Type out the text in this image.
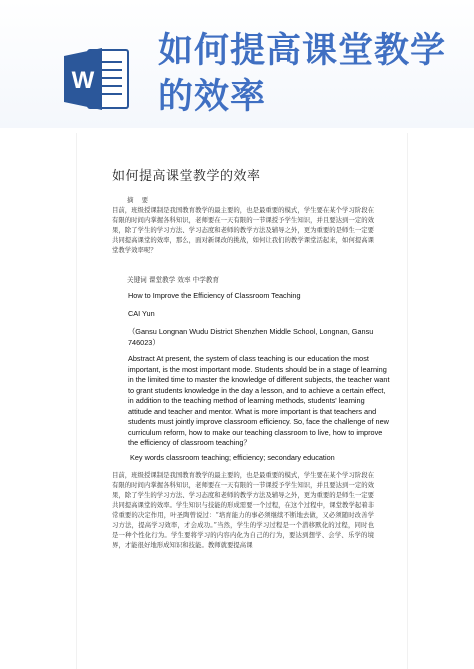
W
如何提高课堂教学的效率
如何提高课堂教学的效率
摘 要
目前，班级授课制是我国教育教学的最主要的，也是最重要的模式，学生要在某个学习阶段在有限的时间内掌握各科知识，老师要在一天有限的一节课授予学生知识，并且要达到一定的效果，除了学生的学习方法、学习态度和老师的教学方法及辅导之外，更为重要的是师生一定要共同提高课堂的效率，那么，面对新课改的挑战，如何让我们的教学课堂活起来，如何提高课堂教学效率呢？
关键词 课堂教学 效率 中学教育
How to Improve the Efficiency of Classroom Teaching
CAI Yun
（Gansu Longnan Wudu District Shenzhen Middle School, Longnan, Gansu 746023）
Abstract At present, the system of class teaching is our education the most important, is the most important mode. Students should be in a stage of learning in the limited time to master the knowledge of different subjects, the teacher want to grant students knowledge in the day a lesson, and to achieve a certain effect, in addition to the teaching method of learning methods, students' learning attitude and teacher and mentor. What is more important is that teachers and students must jointly improve classroom efficiency. So, face the challenge of new curriculum reform, how to make our teaching classroom to live, how to improve the efficiency of classroom teaching？
Key words classroom teaching; efficiency; secondary education
目前，班级授课制是我国教育教学的最主要的，也是最重要的模式，学生要在某个学习阶段在有限的时间内掌握各科知识，老师要在一天有限的一节课授予学生知识，并且要达到一定的效果，除了学生的学习方法、学习态度和老师的教学方法及辅导之外，更为重要的是师生一定要共同提高课堂的效率。学生知识与技能的形成需要一个过程，在这个过程中，课堂教学起着非常重要的决定作用，叶圣陶曾说过：“培育能力的事必须继续不断地去做，又必须随时改善学习方法，提高学习效率，才会成功。”当然，学生的学习过程是一个潜移默化的过程，同时也是一种个性化行为。学生要将学习的内容内化为自己的行为，要达到想学、会学、乐学的境界，才能很好地形成知识和技能。教师就要提高课
